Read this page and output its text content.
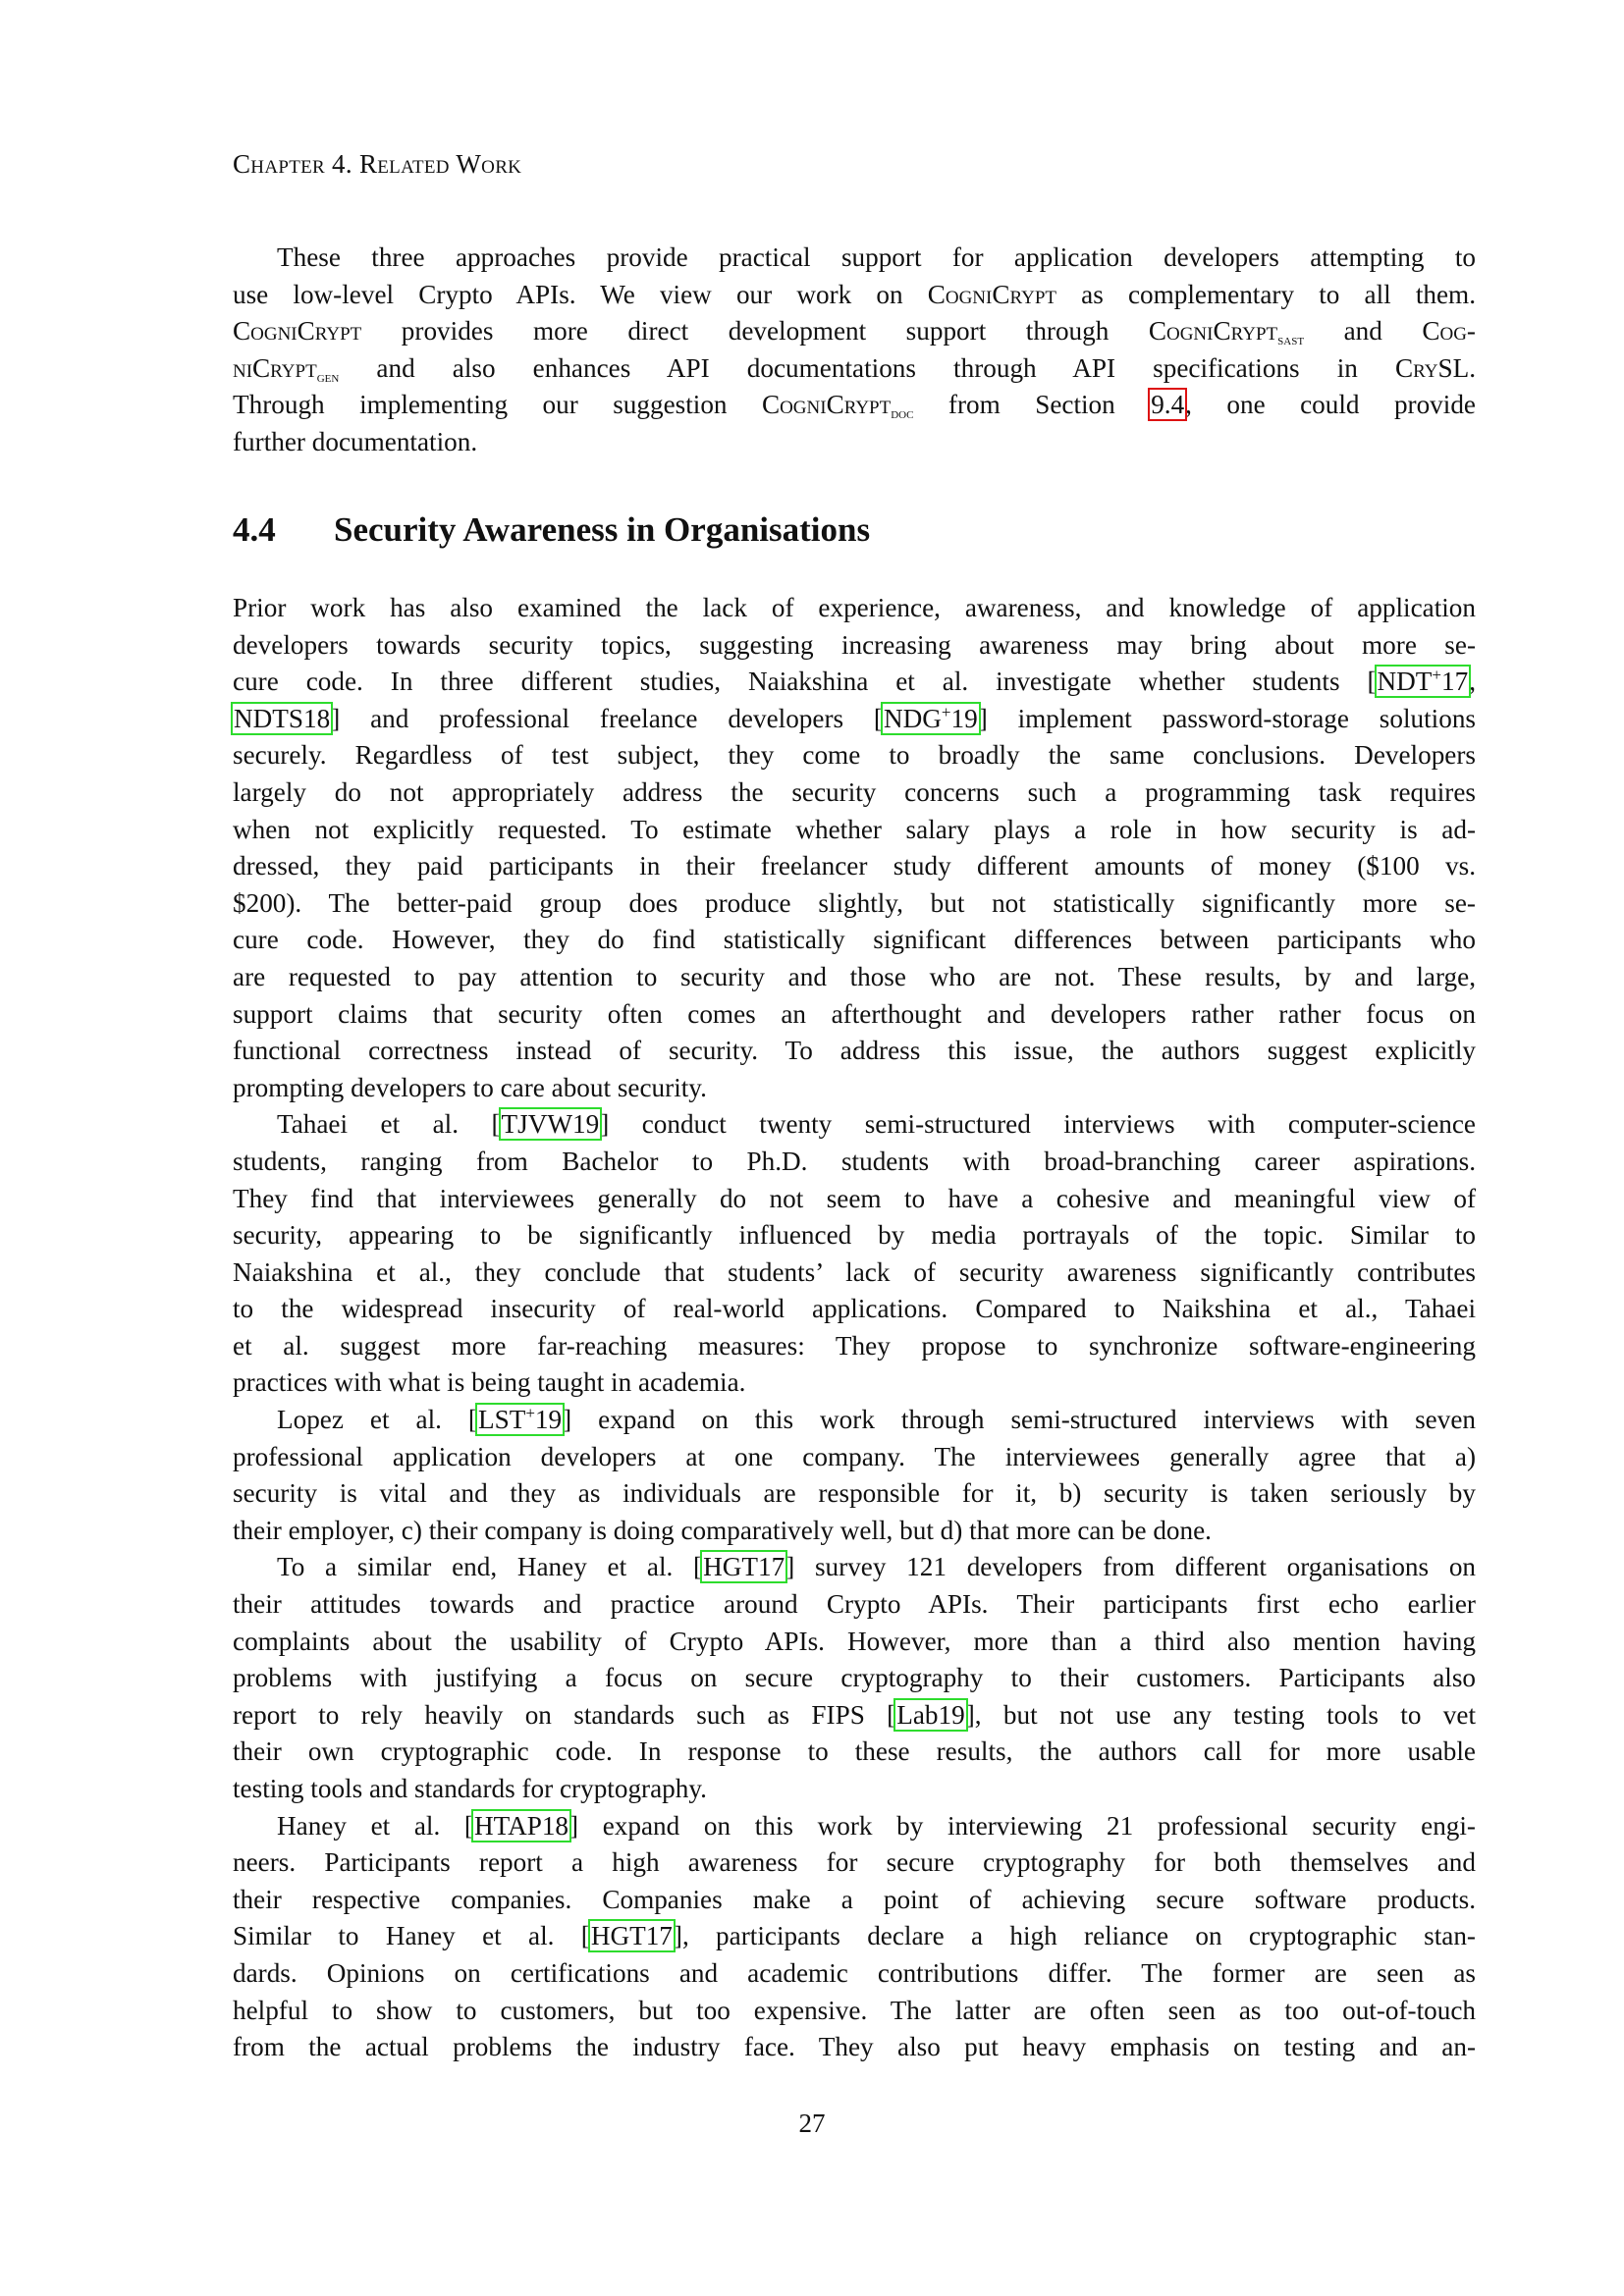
Chapter 4. Related Work
These three approaches provide practical support for application developers attempting to
use low-level Crypto APIs. We view our work on CogniCrypt as complementary to all them.
CogniCrypt provides more direct development support through CogniCrypt$_{sast}$ and Cog-
niCrypt$_{gen}$ and also enhances API documentations through API specifications in CrySL.
Through implementing our suggestion CogniCrypt$_{doc}$ from Section 9.4, one could provide
further documentation.
4.4 Security Awareness in Organisations
Prior work has also examined the lack of experience, awareness, and knowledge of application
developers towards security topics, suggesting increasing awareness may bring about more se-
cure code. In three different studies, Naiakshina et al. investigate whether students [NDT+17,
NDTS18] and professional freelance developers [NDG+19] implement password-storage solutions
securely. Regardless of test subject, they come to broadly the same conclusions. Developers
largely do not appropriately address the security concerns such a programming task requires
when not explicitly requested. To estimate whether salary plays a role in how security is ad-
dressed, they paid participants in their freelancer study different amounts of money ($100 vs.
$200). The better-paid group does produce slightly, but not statistically significantly more se-
cure code. However, they do find statistically significant differences between participants who
are requested to pay attention to security and those who are not. These results, by and large,
support claims that security often comes an afterthought and developers rather rather focus on
functional correctness instead of security. To address this issue, the authors suggest explicitly
prompting developers to care about security.
Tahaei et al. [TJVW19] conduct twenty semi-structured interviews with computer-science
students, ranging from Bachelor to Ph.D. students with broad-branching career aspirations.
They find that interviewees generally do not seem to have a cohesive and meaningful view of
security, appearing to be significantly influenced by media portrayals of the topic. Similar to
Naiakshina et al., they conclude that students’ lack of security awareness significantly contributes
to the widespread insecurity of real-world applications. Compared to Naikshina et al., Tahaei
et al. suggest more far-reaching measures: They propose to synchronize software-engineering
practices with what is being taught in academia.
Lopez et al. [LST+19] expand on this work through semi-structured interviews with seven
professional application developers at one company. The interviewees generally agree that a)
security is vital and they as individuals are responsible for it, b) security is taken seriously by
their employer, c) their company is doing comparatively well, but d) that more can be done.
To a similar end, Haney et al. [HGT17] survey 121 developers from different organisations on
their attitudes towards and practice around Crypto APIs. Their participants first echo earlier
complaints about the usability of Crypto APIs. However, more than a third also mention having
problems with justifying a focus on secure cryptography to their customers. Participants also
report to rely heavily on standards such as FIPS [Lab19], but not use any testing tools to vet
their own cryptographic code. In response to these results, the authors call for more usable
testing tools and standards for cryptography.
Haney et al. [HTAP18] expand on this work by interviewing 21 professional security engi-
neers. Participants report a high awareness for secure cryptography for both themselves and
their respective companies. Companies make a point of achieving secure software products.
Similar to Haney et al. [HGT17], participants declare a high reliance on cryptographic stan-
dards. Opinions on certifications and academic contributions differ. The former are seen as
helpful to show to customers, but too expensive. The latter are often seen as too out-of-touch
from the actual problems the industry face. They also put heavy emphasis on testing and an-
27
